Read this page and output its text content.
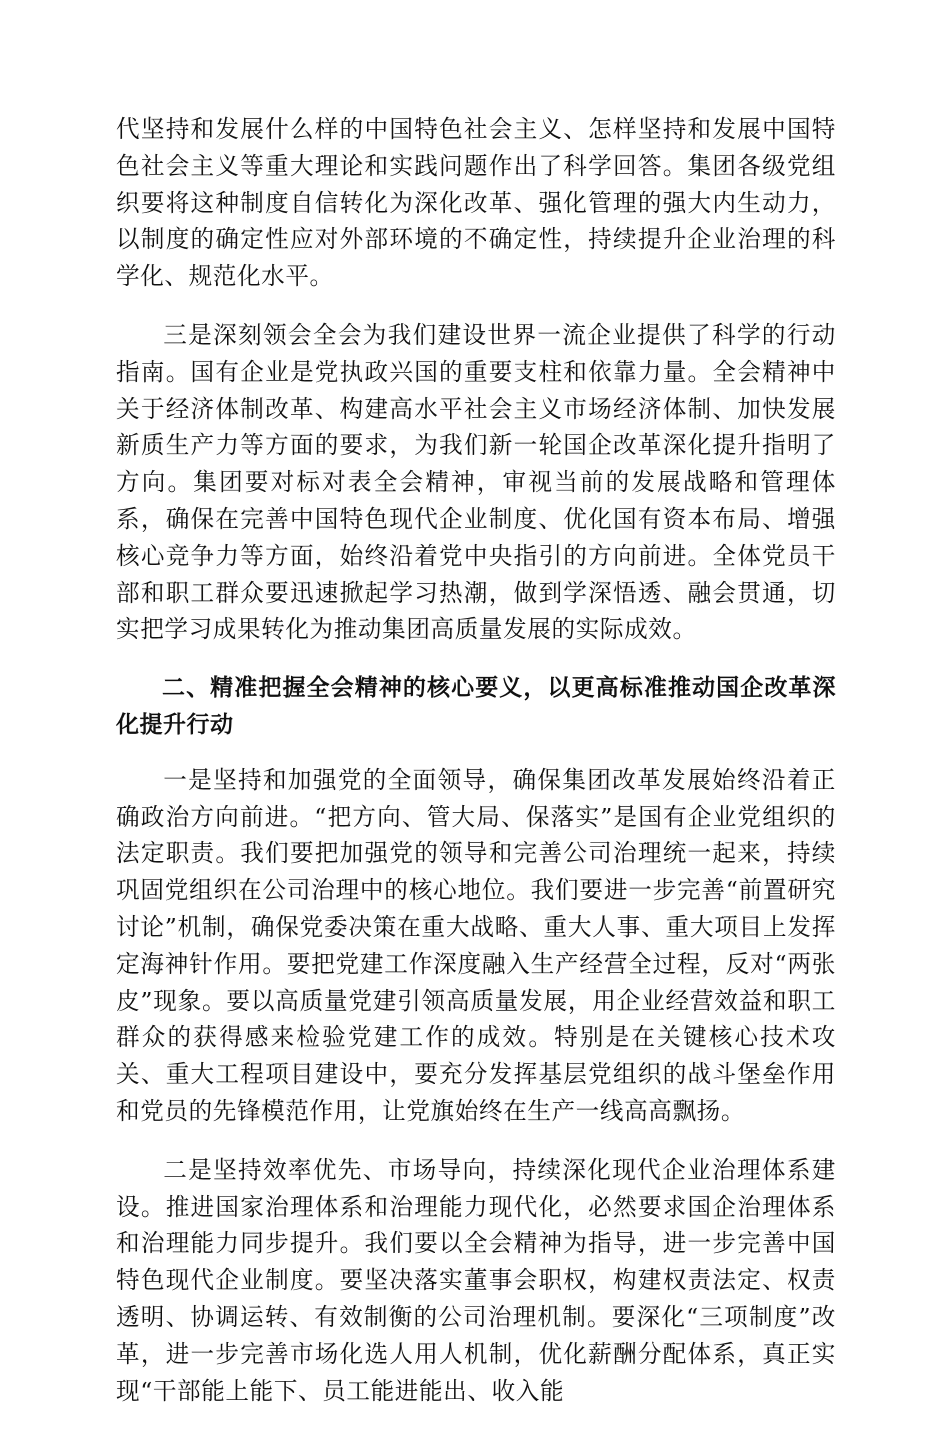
代坚持和发展什么样的中国特色社会主义、怎样坚持和发展中国特色社会主义等重大理论和实践问题作出了科学回答。集团各级党组织要将这种制度自信转化为深化改革、强化管理的强大内生动力，以制度的确定性应对外部环境的不确定性，持续提升企业治理的科学化、规范化水平。

三是深刻领会全会为我们建设世界一流企业提供了科学的行动指南。国有企业是党执政兴国的重要支柱和依靠力量。全会精神中关于经济体制改革、构建高水平社会主义市场经济体制、加快发展新质生产力等方面的要求，为我们新一轮国企改革深化提升指明了方向。集团要对标对表全会精神，审视当前的发展战略和管理体系，确保在完善中国特色现代企业制度、优化国有资本布局、增强核心竞争力等方面，始终沿着党中央指引的方向前进。全体党员干部和职工群众要迅速掀起学习热潮，做到学深悟透、融会贯通，切实把学习成果转化为推动集团高质量发展的实际成效。

二、精准把握全会精神的核心要义，以更高标准推动国企改革深化提升行动

一是坚持和加强党的全面领导，确保集团改革发展始终沿着正确政治方向前进。“把方向、管大局、保落实”是国有企业党组织的法定职责。我们要把加强党的领导和完善公司治理统一起来，持续巩固党组织在公司治理中的核心地位。我们要进一步完善“前置研究讨论”机制，确保党委决策在重大战略、重大人事、重大项目上发挥定海神针作用。要把党建工作深度融入生产经营全过程，反对“两张皮”现象。要以高质量党建引领高质量发展，用企业经营效益和职工群众的获得感来检验党建工作的成效。特别是在关键核心技术攻关、重大工程项目建设中，要充分发挥基层党组织的战斗堡垒作用和党员的先锋模范作用，让党旗始终在生产一线高高飘扬。

二是坚持效率优先、市场导向，持续深化现代企业治理体系建设。推进国家治理体系和治理能力现代化，必然要求国企治理体系和治理能力同步提升。我们要以全会精神为指导，进一步完善中国特色现代企业制度。要坚决落实董事会职权，构建权责法定、权责透明、协调运转、有效制衡的公司治理机制。要深化“三项制度”改革，进一步完善市场化选人用人机制，优化薪酬分配体系，真正实现“干部能上能下、员工能进能出、收入能
